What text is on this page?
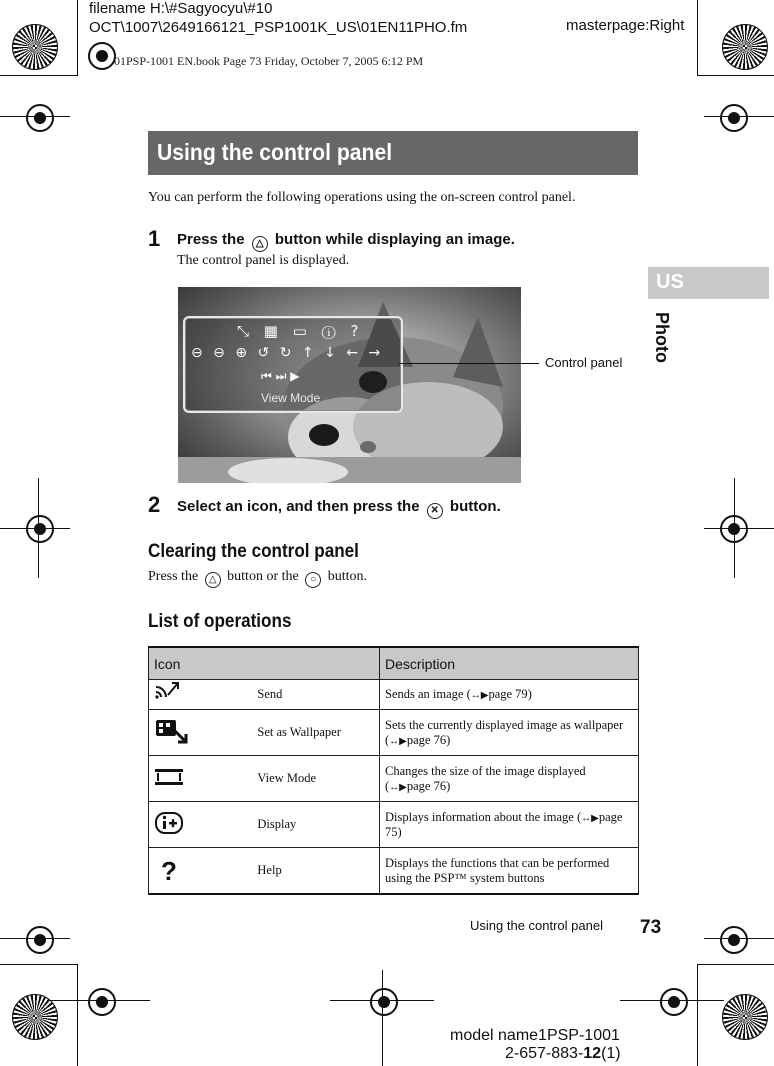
filename H:\#Sagyocyu\#10
OCT\1007\2649166121_PSP1001K_US\01EN11PHO.fm	masterpage:Right
01PSP-1001 EN.book Page 73 Friday, October 7, 2005 6:12 PM
Using the control panel
You can perform the following operations using the on-screen control panel.
1 Press the △ button while displaying an image.
The control panel is displayed.
⤡ ▦ ▭ ⓘ ?
⊖ ⊖ ⊕ ↺ ↻ ↑ ↓ ← →
⏮ ⏭ ▶
View Mode
Control panel
2 Select an icon, and then press the ✕ button.
Clearing the control panel
Press the △ button or the ○ button.
List of operations
Icon		Description
	Send	Sends an image (↔▶page 79)
	Set as Wallpaper	Sets the currently displayed image as wallpaper (↔▶page 76)
	View Mode	Changes the size of the image displayed (↔▶page 76)
	Display	Displays information about the image (↔▶page 75)

?	Help	Displays the functions that can be performed using the PSP™ system buttons
US
Photo
Using the control panel 73
model name1PSP-1001
2-657-883-12(1)
